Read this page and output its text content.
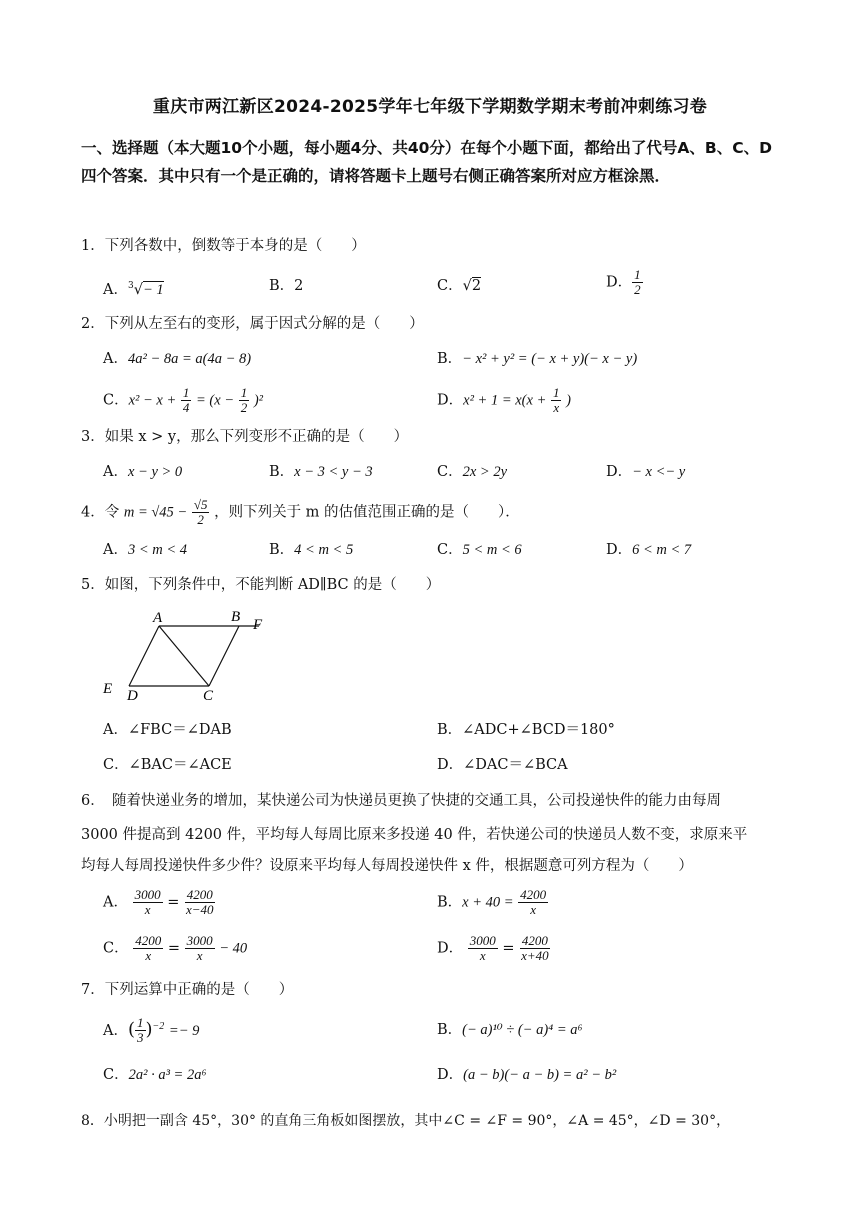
重庆市两江新区2024-2025学年七年级下学期数学期末考前冲刺练习卷
一、选择题（本大题10个小题，每小题4分、共40分）在每个小题下面，都给出了代号A、B、C、D四个答案．其中只有一个是正确的，请将答题卡上题号右侧正确答案所对应方框涂黑．
1．下列各数中，倒数等于本身的是（　　）
A．$^3$√− 1	B．2	C．√2	D． $\frac{1}{2}$
2．下列从左至右的变形，属于因式分解的是（　　）
A．4a² − 8a = a(4a − 8)	B．− x² + y² = (− x + y)(− x − y)
C．$x^2 - x + \frac{1}{4} = (x - \frac{1}{2} )^2$	D．$x^2 + 1 = x(x + \frac{1}{x}$ )
3．如果 x > y，那么下列变形不正确的是（　　）
A．x − y > 0	B．x − 3 < y − 3	C．2x > 2y	D．− x <− y
4．令 $m = √45 - \frac{√5}{2}$ ，则下列关于 m 的估值范围正确的是（　　）．
A．3 < m < 4	B．4 < m < 5	C．5 < m < 6	D．6 < m < 7
5．如图，下列条件中，不能判断 AD∥BC 的是（　　）
A	B F
E D	C
A．∠FBC＝∠DAB	B．∠ADC+∠BCD＝180°
C．∠BAC＝∠ACE	D．∠DAC＝∠BCA
6．　随着快递业务的增加，某快递公司为快递员更换了快捷的交通工具，公司投递快件的能力由每周
3000 件提高到 4200 件，平均每人每周比原来多投递 40 件，若快递公司的快递员人数不变，求原来平
均每人每周投递快件多少件？设原来平均每人每周投递快件 x 件，根据题意可列方程为（　　）
A． $\frac{3000}{x} = \frac{4200}{x-40}$	B．$x + 40 = \frac{4200}{x}$
C． $\frac{4200}{x} = \frac{3000}{x} - 40$	D． $\frac{3000}{x} = \frac{4200}{x+40}$
7．下列运算中正确的是（　　）
A．( $\frac{1}{3} )^{-2} =- 9$	B．(− a)¹⁰ ÷ (− a)⁴ = a⁶
C．2a² · a³ = 2a⁶	D．(a − b)(− a − b) = a² − b²
8．小明把一副含 45°，30° 的直角三角板如图摆放，其中∠C = ∠F = 90°，∠A = 45°，∠D = 30°，
